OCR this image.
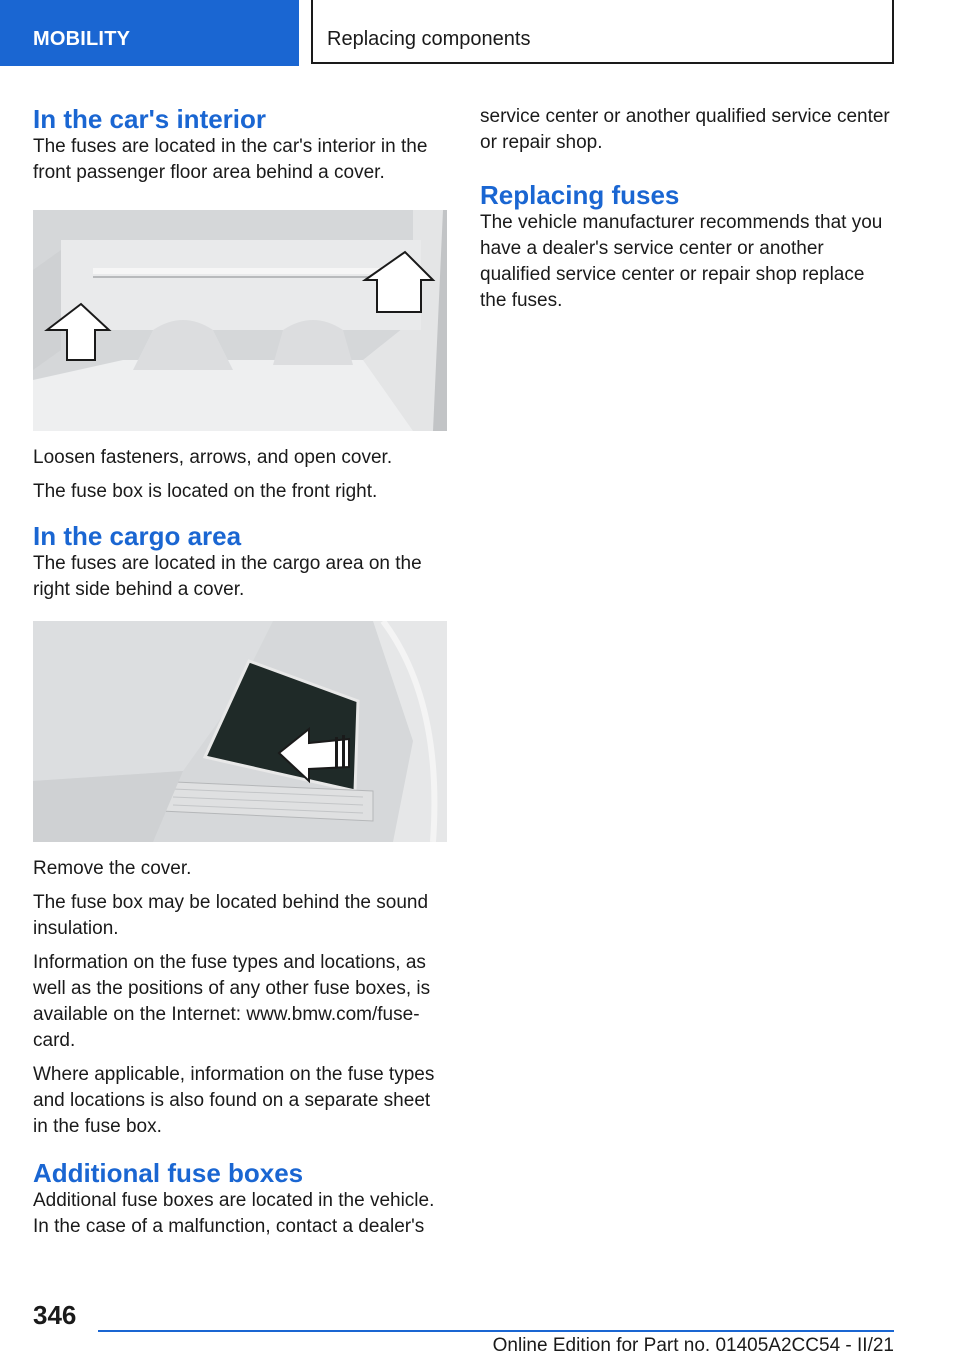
MOBILITY	Replacing components
In the car's interior

The fuses are located in the car's interior in the front passenger floor area behind a cover.

Loosen fasteners, arrows, and open cover.

The fuse box is located on the front right.

In the cargo area

The fuses are located in the cargo area on the right side behind a cover.

Remove the cover.

The fuse box may be located behind the sound insulation.

Information on the fuse types and locations, as well as the positions of any other fuse boxes, is available on the Internet: www.bmw.com/fuse-card.

Where applicable, information on the fuse types and locations is also found on a separate sheet in the fuse box.

Additional fuse boxes

Additional fuse boxes are located in the vehicle. In the case of a malfunction, contact a dealer's

service center or another qualified service center or repair shop.

Replacing fuses

The vehicle manufacturer recommends that you have a dealer's service center or another qualified service center or repair shop replace the fuses.

346
Online Edition for Part no. 01405A2CC54 - II/21
